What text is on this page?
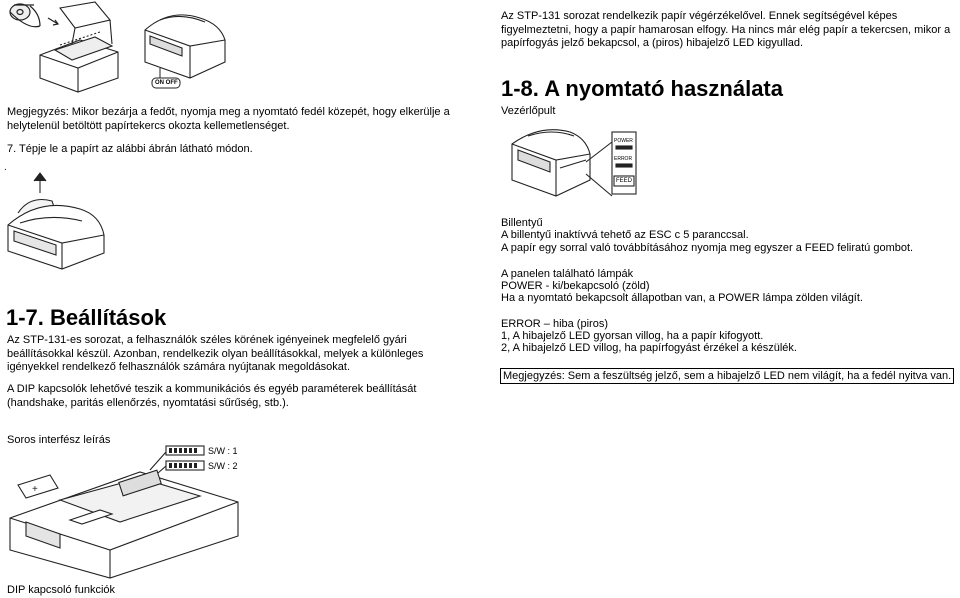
ON OFF
Megjegyzés: Mikor bezárja a fedőt, nyomja meg a nyomtató fedél közepét, hogy elkerülje a helytelenül betöltött papírtekercs okozta kellemetlenséget.
7. Tépje le a papírt az alábbi ábrán látható módon.
.
1-7. Beállítások
Az STP-131-es sorozat, a felhasználók széles körének igényeinek megfelelő gyári beállításokkal készül. Azonban, rendelkezik olyan beállításokkal, melyek a különleges igényekkel rendelkező felhasználók számára nyújtanak megoldásokat.
A DIP kapcsolók lehetővé teszik a kommunikációs és egyéb paraméterek beállítását (handshake, paritás ellenőrzés, nyomtatási sűrűség, stb.).
Soros interfész leírás
+
S/W : 1
S/W : 2
DIP kapcsoló funkciók
Az STP-131 sorozat rendelkezik papír végérzékelővel. Ennek segítségével képes figyelmeztetni, hogy a papír hamarosan elfogy. Ha nincs már elég papír a tekercsen, mikor a papírfogyás jelző bekapcsol, a (piros) hibajelző LED kigyullad.
1-8. A nyomtató használata
Vezérlőpult
POWER
ERROR
FEED
Billentyű
A billentyű inaktívvá tehető az ESC c 5 paranccsal.
A papír egy sorral való továbbításához nyomja meg egyszer a FEED feliratú gombot.
A panelen található lámpák
POWER - ki/bekapcsoló (zöld)
Ha a nyomtató bekapcsolt állapotban van, a POWER lámpa zölden világít.
ERROR – hiba (piros)
1, A hibajelző LED gyorsan villog, ha a papír kifogyott.
2, A hibajelző LED villog, ha papírfogyást érzékel a készülék.
Megjegyzés: Sem a feszültség jelző, sem a hibajelző LED nem világít, ha a fedél nyitva van.
